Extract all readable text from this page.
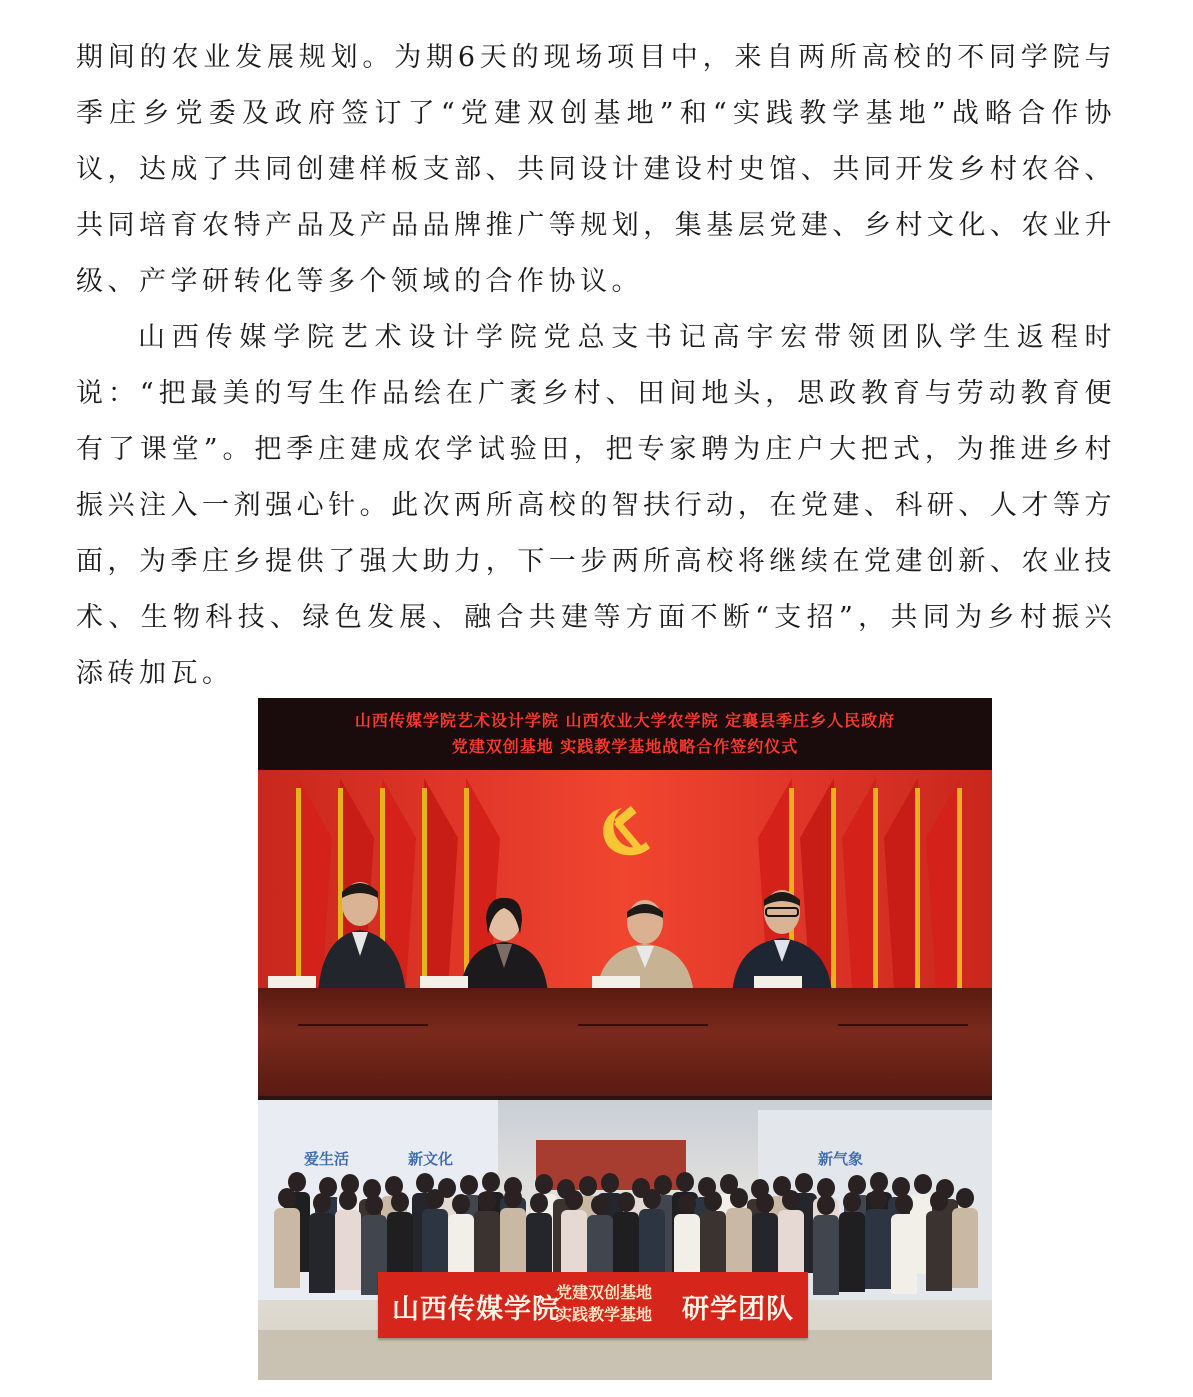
期间的农业发展规划。为期6天的现场项目中，来自两所高校的不同学院与季庄乡党委及政府签订了“党建双创基地”和“实践教学基地”战略合作协议，达成了共同创建样板支部、共同设计建设村史馆、共同开发乡村农谷、共同培育农特产品及产品品牌推广等规划，集基层党建、乡村文化、农业升级、产学研转化等多个领域的合作协议。

山西传媒学院艺术设计学院党总支书记高宇宏带领团队学生返程时说：“把最美的写生作品绘在广袤乡村、田间地头，思政教育与劳动教育便有了课堂”。把季庄建成农学试验田，把专家聘为庄户大把式，为推进乡村振兴注入一剂强心针。此次两所高校的智扶行动，在党建、科研、人才等方面，为季庄乡提供了强大助力，下一步两所高校将继续在党建创新、农业技术、生物科技、绿色发展、融合共建等方面不断“支招”，共同为乡村振兴添砖加瓦。

山西传媒学院艺术设计学院 山西农业大学农学院 定襄县季庄乡人民政府
党建双创基地 实践教学基地战略合作签约仪式
爱生活	新文化	新气象
山西传媒学院
党建双创基地
实践教学基地 研学团队
